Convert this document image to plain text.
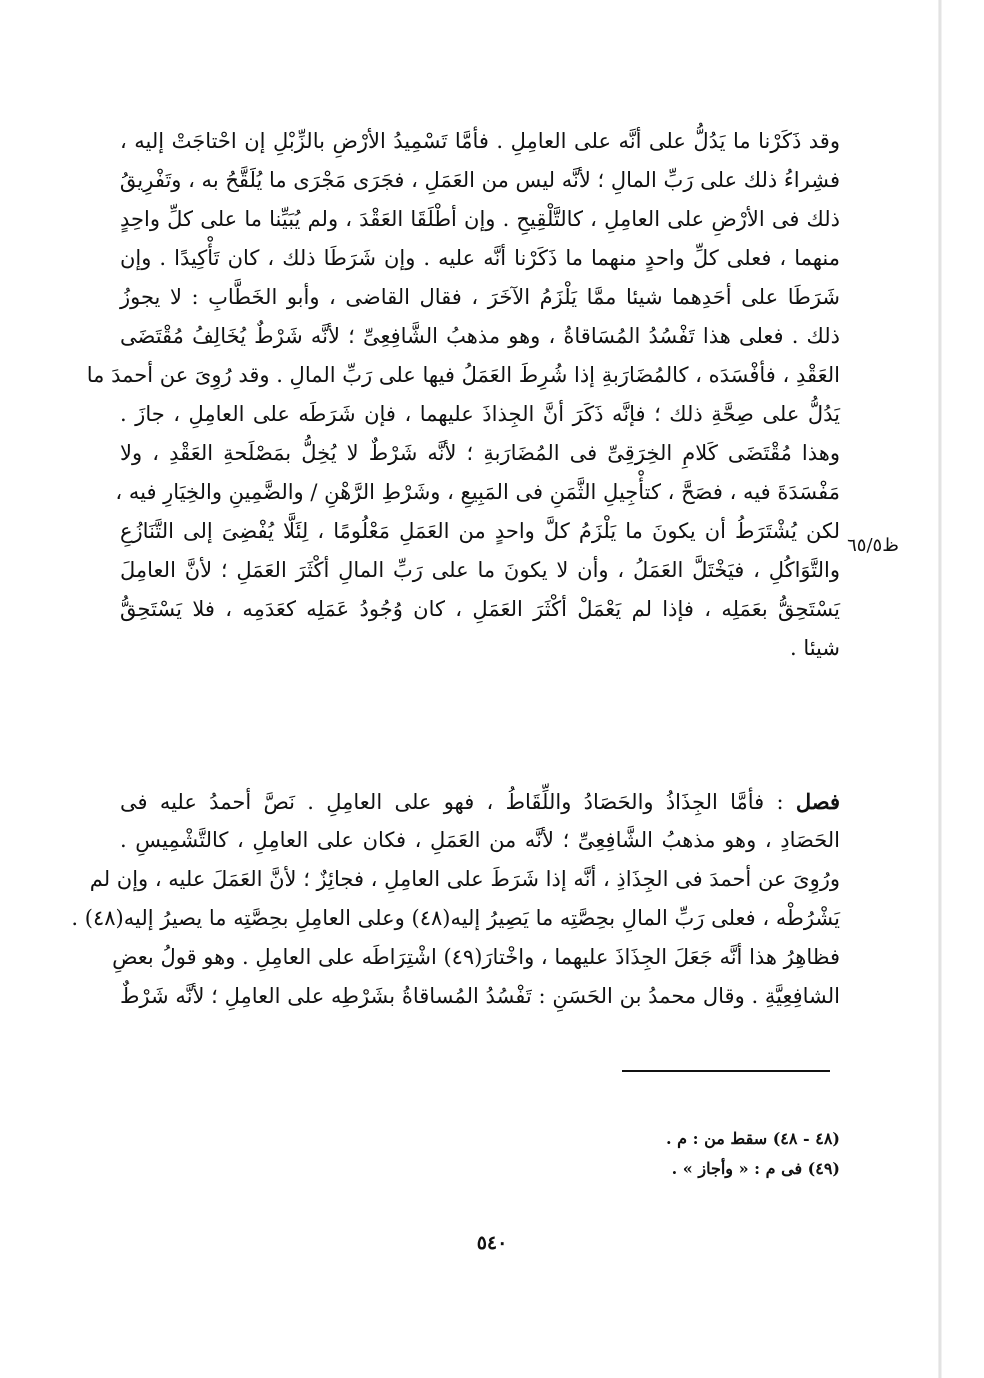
وقد ذَكَرْنا ما يَدُلُّ على أنَّه على العامِلِ . فأمَّا تَسْمِيدُ الأرْضِ بالزِّبْلِ إن احْتاجَتْ إليه ،
فشِراءُ ذلك على رَبِّ المالِ ؛ لأنَّه ليس من العَمَلِ ، فجَرَى مَجْرَى ما يُلَقَّحُ به ، وتَفْرِيقُ
ذلك فى الأرْضِ على العامِلِ ، كالتَّلْقِيحِ . وإن أطْلَقَا العَقْدَ ، ولم يُبَيِّنا ما على كلِّ واحِدٍ
منهما ، فعلى كلِّ واحدٍ منهما ما ذَكَرْنا أنَّه عليه . وإن شَرَطَا ذلك ، كان تَأْكِيدًا . وإن
شَرَطَا على أحَدِهما شيئا ممَّا يَلْزَمُ الآخَرَ ، فقال القاضى ، وأبو الخَطَّابِ : لا يجوزُ
ذلك . فعلى هذا تَفْسُدُ المُسَاقاةُ ، وهو مذهبُ الشَّافِعِىِّ ؛ لأنَّه شَرْطٌ يُخَالِفُ مُقْتَضَى
العَقْدِ ، فأفْسَدَه ، كالمُضَارَبةِ إذا شُرِطَ العَمَلُ فيها على رَبِّ المالِ . وقد رُوِىَ عن أحمدَ ما
يَدُلُّ على صِحَّةِ ذلك ؛ فإنَّه ذَكَرَ أنَّ الجِذاذَ عليهما ، فإن شَرَطَه على العامِلِ ، جازَ .
وهذا مُقْتَضَى كَلامِ الخِرَقِىِّ فى المُضَارَبةِ ؛ لأنَّه شَرْطٌ لا يُخِلُّ بمَصْلَحةِ العَقْدِ ، ولا
مَفْسَدَةَ فيه ، فصَحَّ ، كتأْجِيلِ الثَّمَنِ فى المَبِيعِ ، وشَرْطِ الرَّهْنِ / والضَّمِينِ والخِيَارِ فيه ،
لكن يُشْتَرَطُ أن يكونَ ما يَلْزَمُ كلَّ واحدٍ من العَمَلِ مَعْلُومًا ، لِئَلَّا يُفْضِىَ إلى التَّنَازُعِ
والتَّوَاكُلِ ، فيَخْتَلَّ العَمَلُ ، وأن لا يكونَ ما على رَبِّ المالِ أكْثَرَ العَمَلِ ؛ لأنَّ العامِلَ
يَسْتَحِقُّ بعَمَلِه ، فإذا لم يَعْمَلْ أكْثَرَ العَمَلِ ، كان وُجُودُ عَمَلِه كعَدَمِه ، فلا يَسْتَحِقُّ
شيئا .
ظ٦٥/٥
فصل : فأمَّا الجِذَاذُ والحَصَادُ واللِّقَاطُ ، فهو على العامِلِ . نَصَّ أحمدُ عليه فى
الحَصَادِ ، وهو مذهبُ الشَّافِعِىِّ ؛ لأنَّه من العَمَلِ ، فكان على العامِلِ ، كالتَّشْمِيسِ .
ورُوِىَ عن أحمدَ فى الجِذَاذِ ، أنَّه إذا شَرَطَ على العامِلِ ، فجائِزٌ ؛ لأنَّ العَمَلَ عليه ، وإن لم
يَشْرُطْه ، فعلى رَبِّ المالِ بحِصَّتِه ما يَصِيرُ إليه(٤٨) وعلى العامِلِ بحِصَّتِه ما يصيرُ إليه(٤٨) .
فظاهِرُ هذا أنَّه جَعَلَ الجِذَاذَ عليهما ، واخْتارَ(٤٩) اشْتِرَاطَه على العامِلِ . وهو قولُ بعضِ
الشافِعِيَّةِ . وقال محمدُ بن الحَسَنِ : تَفْسُدُ المُساقاةُ بشَرْطِه على العامِلِ ؛ لأنَّه شَرْطٌ
(٤٨ - ٤٨) سقط من : م .
(٤٩) فى م : « وأجاز » .
٥٤٠
